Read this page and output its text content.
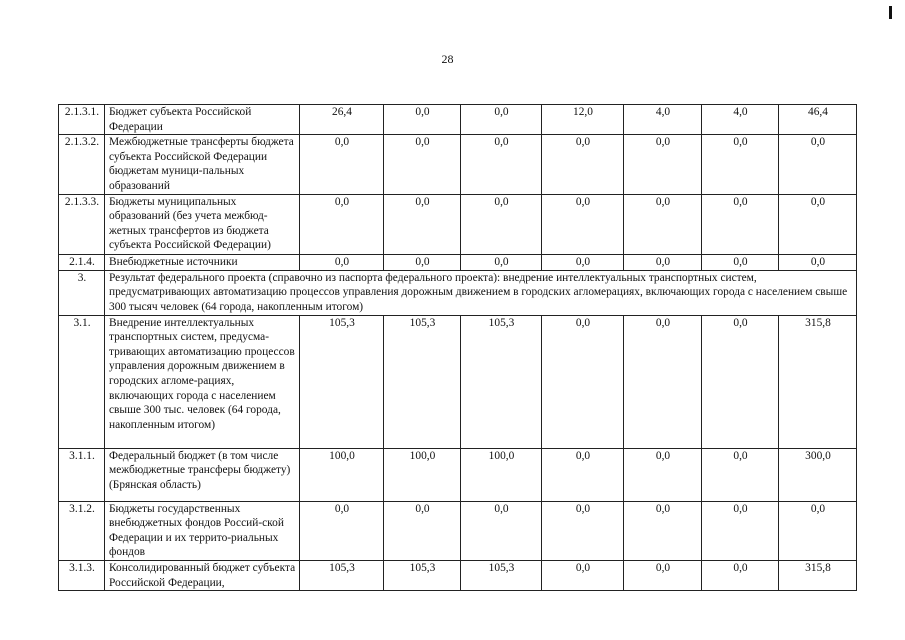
28
2.1.3.1.	Бюджет субъекта Российской Федерации	26,4	0,0	0,0	12,0	4,0	4,0	46,4
2.1.3.2.	Межбюджетные трансферты бюджета субъекта Российской Федерации бюджетам муници-пальных образований	0,0	0,0	0,0	0,0	0,0	0,0	0,0
2.1.3.3.	Бюджеты муниципальных образований (без учета межбюд-жетных трансфертов из бюджета субъекта Российской Федерации)	0,0	0,0	0,0	0,0	0,0	0,0	0,0
2.1.4.	Внебюджетные источники	0,0	0,0	0,0	0,0	0,0	0,0	0,0
3.	Результат федерального проекта (справочно из паспорта федерального проекта): внедрение интеллектуальных транспортных систем, предусматривающих автоматизацию процессов управления дорожным движением в городских агломерациях, включающих города с населением свыше 300 тысяч человек (64 города, накопленным итогом)							
3.1.	Внедрение интеллектуальных транспортных систем, предусма-тривающих автоматизацию процессов управления дорожным движением в городских агломе-рациях, включающих города с населением свыше 300 тыс. человек (64 города, накопленным итогом)	105,3	105,3	105,3	0,0	0,0	0,0	315,8
3.1.1.	Федеральный бюджет (в том числе межбюджетные трансферы бюджету) (Брянская область)	100,0	100,0	100,0	0,0	0,0	0,0	300,0
3.1.2.	Бюджеты государственных внебюджетных фондов Россий-ской Федерации и их террито-риальных фондов	0,0	0,0	0,0	0,0	0,0	0,0	0,0
3.1.3.	Консолидированный бюджет субъекта Российской Федерации,	105,3	105,3	105,3	0,0	0,0	0,0	315,8
